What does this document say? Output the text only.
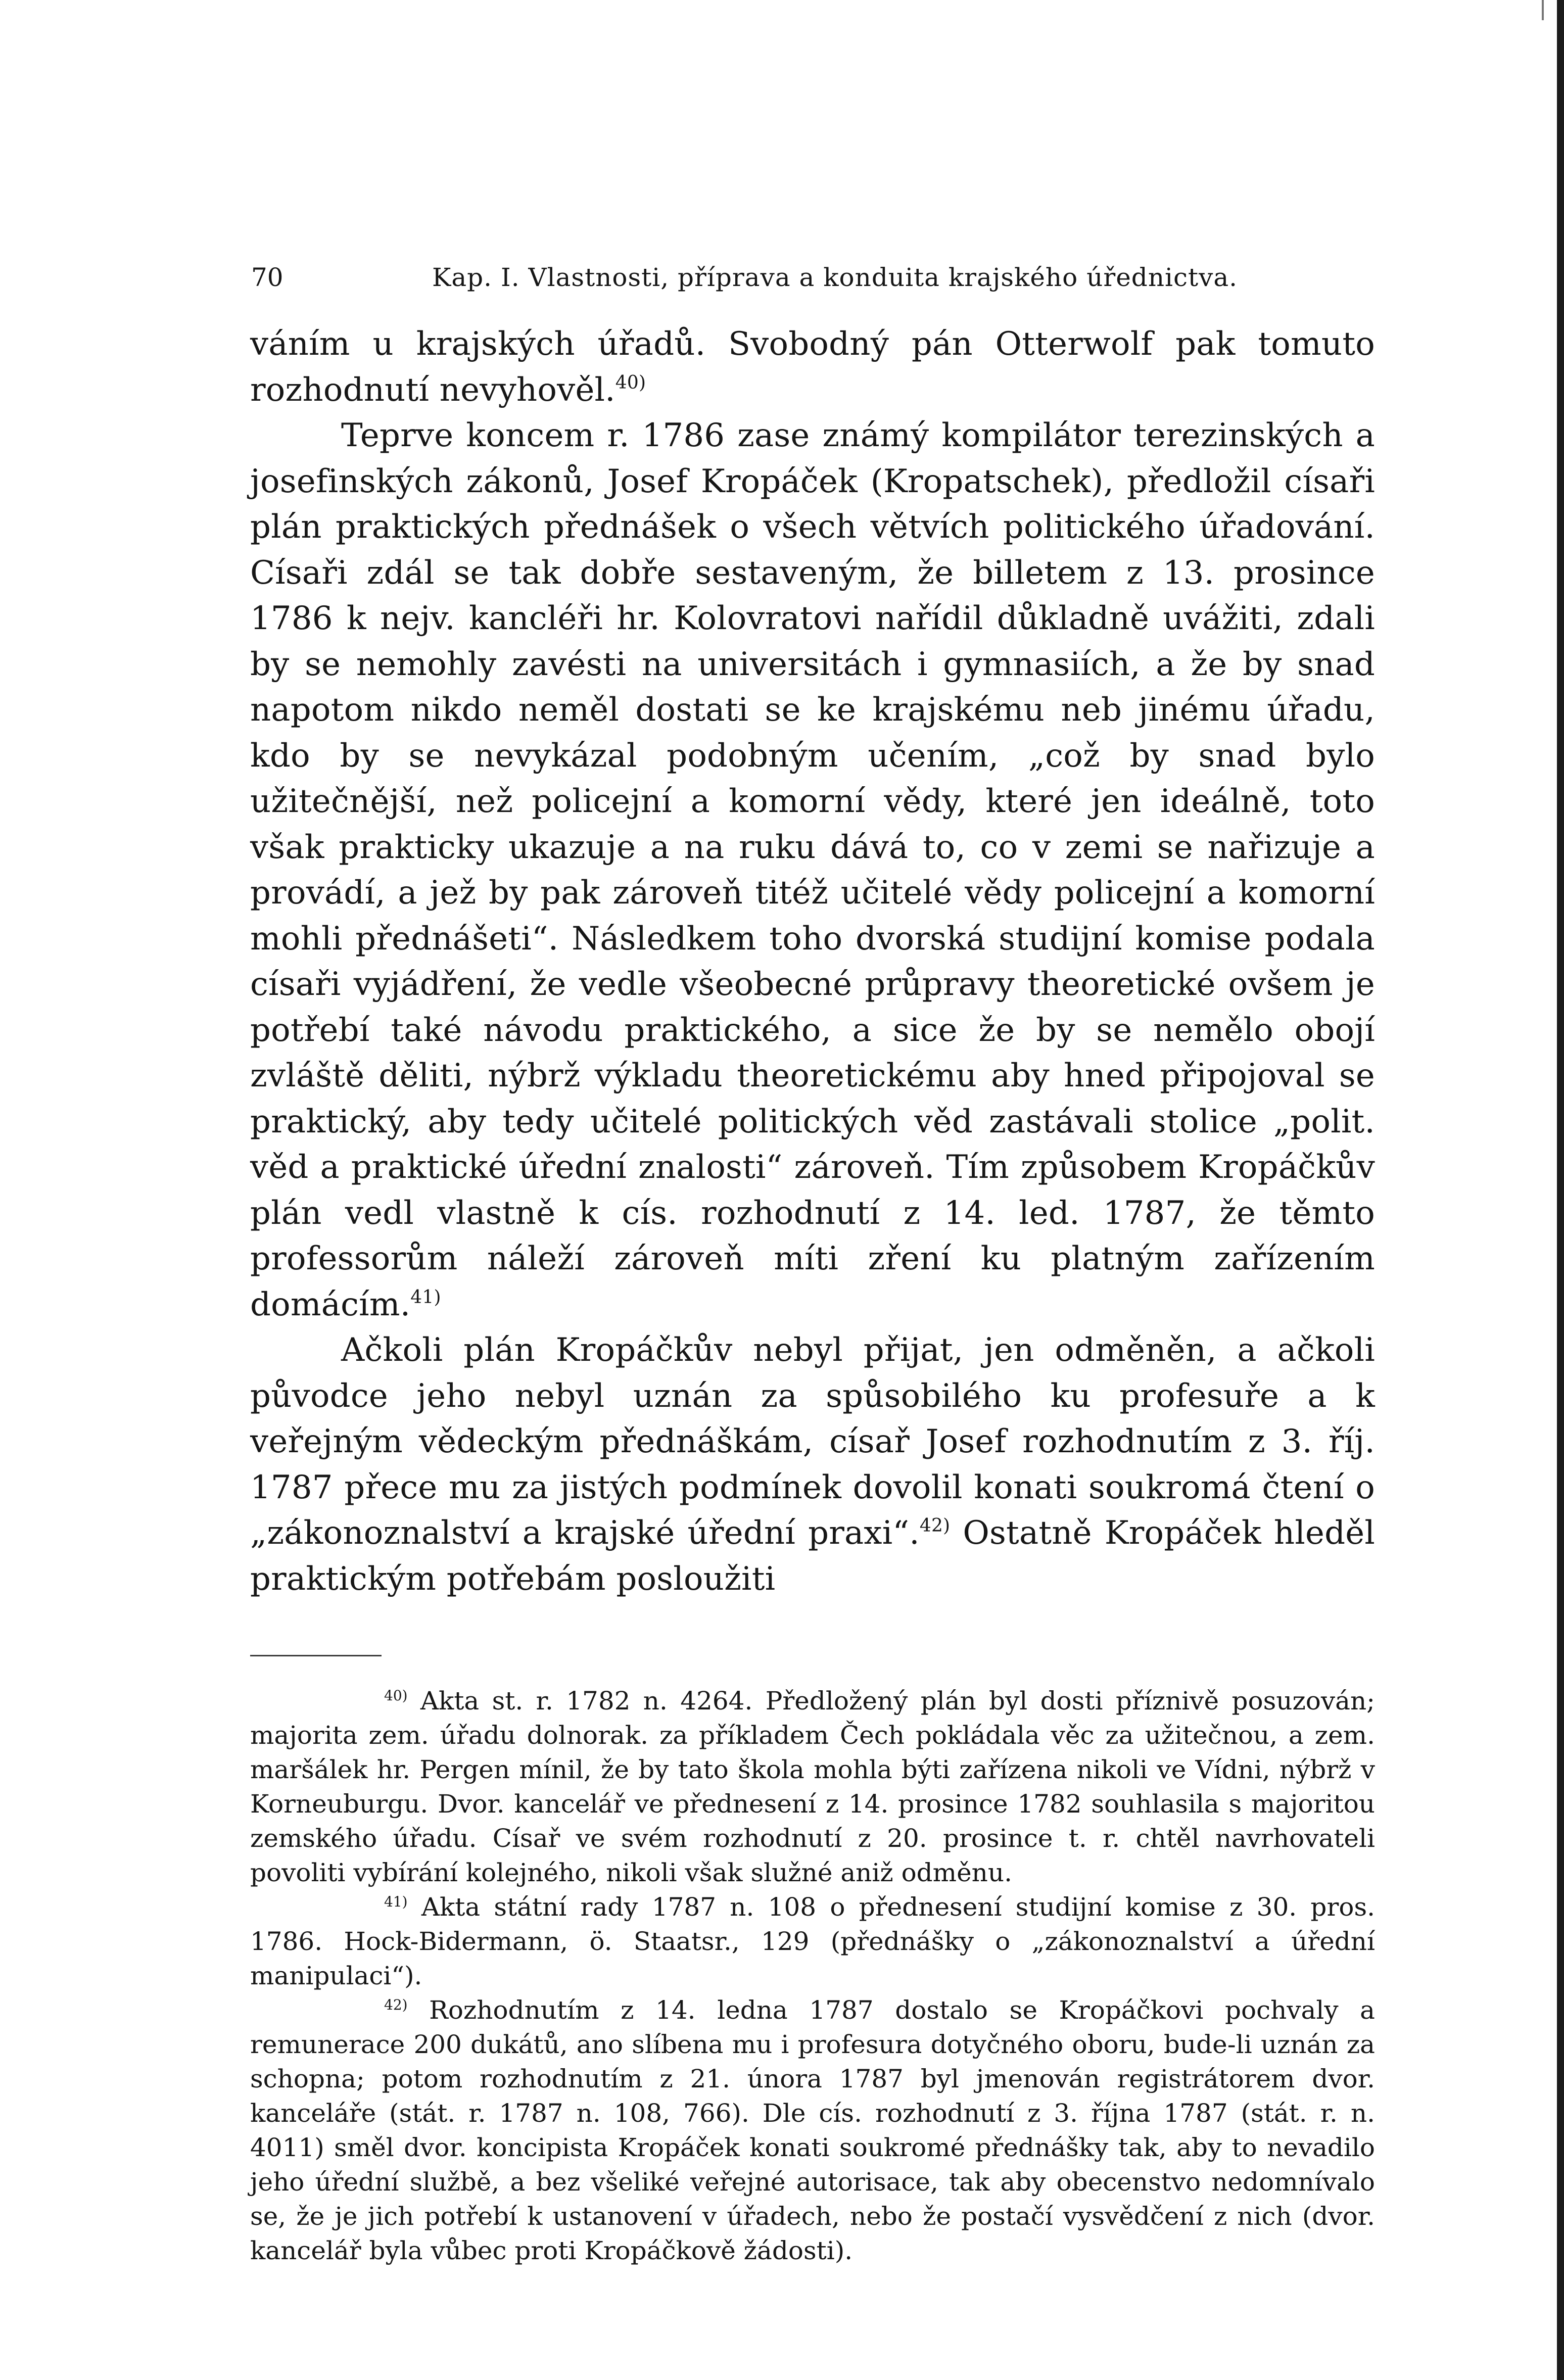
70	Kap. I. Vlastnosti, příprava a konduita krajského úřednictva.

váním u krajských úřadů. Svobodný pán Otterwolf pak tomuto rozhodnutí nevyhověl.$^{40)}$

Teprve koncem r. 1786 zase známý kompilátor terezinských a josefinských zákonů, Josef Kropáček (Kropatschek), předložil císaři plán praktických přednášek o všech větvích politického úřadování. Císaři zdál se tak dobře sestaveným, že billetem z 13. prosince 1786 k nejv. kancléři hr. Kolovratovi nařídil důkladně uvážiti, zdali by se nemohly zavésti na universitách i gymnasiích, a že by snad napotom nikdo neměl dostati se ke krajskému neb jinému úřadu, kdo by se nevykázal podobným učením, „což by snad bylo užitečnější, než policejní a komorní vědy, které jen ideálně, toto však prakticky ukazuje a na ruku dává to, co v zemi se nařizuje a provádí, a jež by pak zároveň titéž učitelé vědy policejní a komorní mohli přednášeti“. Následkem toho dvorská studijní komise podala císaři vyjádření, že vedle všeobecné průpravy theoretické ovšem je potřebí také návodu praktického, a sice že by se nemělo obojí zvláště děliti, nýbrž výkladu theoretickému aby hned připojoval se praktický, aby tedy učitelé politických věd zastávali stolice „polit. věd a praktické úřední znalosti“ zároveň. Tím způsobem Kropáčkův plán vedl vlastně k cís. rozhodnutí z 14. led. 1787, že těmto professorům náleží zároveň míti zření ku platným zařízením domácím.$^{41)}$

Ačkoli plán Kropáčkův nebyl přijat, jen odměněn, a ačkoli původce jeho nebyl uznán za spůsobilého ku profesuře a k veřejným vědeckým přednáškám, císař Josef rozhodnutím z 3. říj. 1787 přece mu za jistých podmínek dovolil konati soukromá čtení o „zákonoznalství a krajské úřední praxi“.$^{42)}$ Ostatně Kropáček hleděl praktickým potřebám posloužiti

$^{40)}$ Akta st. r. 1782 n. 4264. Předložený plán byl dosti příznivě posuzován; majorita zem. úřadu dolnorak. za příkladem Čech pokládala věc za užitečnou, a zem. maršálek hr. Pergen mínil, že by tato škola mohla býti zařízena nikoli ve Vídni, nýbrž v Korneuburgu. Dvor. kancelář ve přednesení z 14. prosince 1782 souhlasila s majoritou zemského úřadu. Císař ve svém rozhodnutí z 20. prosince t. r. chtěl navrhovateli povoliti vybírání kolejného, nikoli však služné aniž odměnu.

$^{41)}$ Akta státní rady 1787 n. 108 o přednesení studijní komise z 30. pros. 1786. Hock-Bidermann, ö. Staatsr., 129 (přednášky o „zákonoznalství a úřední manipulaci“).

$^{42)}$ Rozhodnutím z 14. ledna 1787 dostalo se Kropáčkovi pochvaly a remunerace 200 dukátů, ano slíbena mu i profesura dotyčného oboru, bude-li uznán za schopna; potom rozhodnutím z 21. února 1787 byl jmenován registrátorem dvor. kanceláře (stát. r. 1787 n. 108, 766). Dle cís. rozhodnutí z 3. října 1787 (stát. r. n. 4011) směl dvor. koncipista Kropáček konati soukromé přednášky tak, aby to nevadilo jeho úřední službě, a bez všeliké veřejné autorisace, tak aby obecenstvo nedomnívalo se, že je jich potřebí k ustanovení v úřadech, nebo že postačí vysvědčení z nich (dvor. kancelář byla vůbec proti Kropáčkově žádosti).
